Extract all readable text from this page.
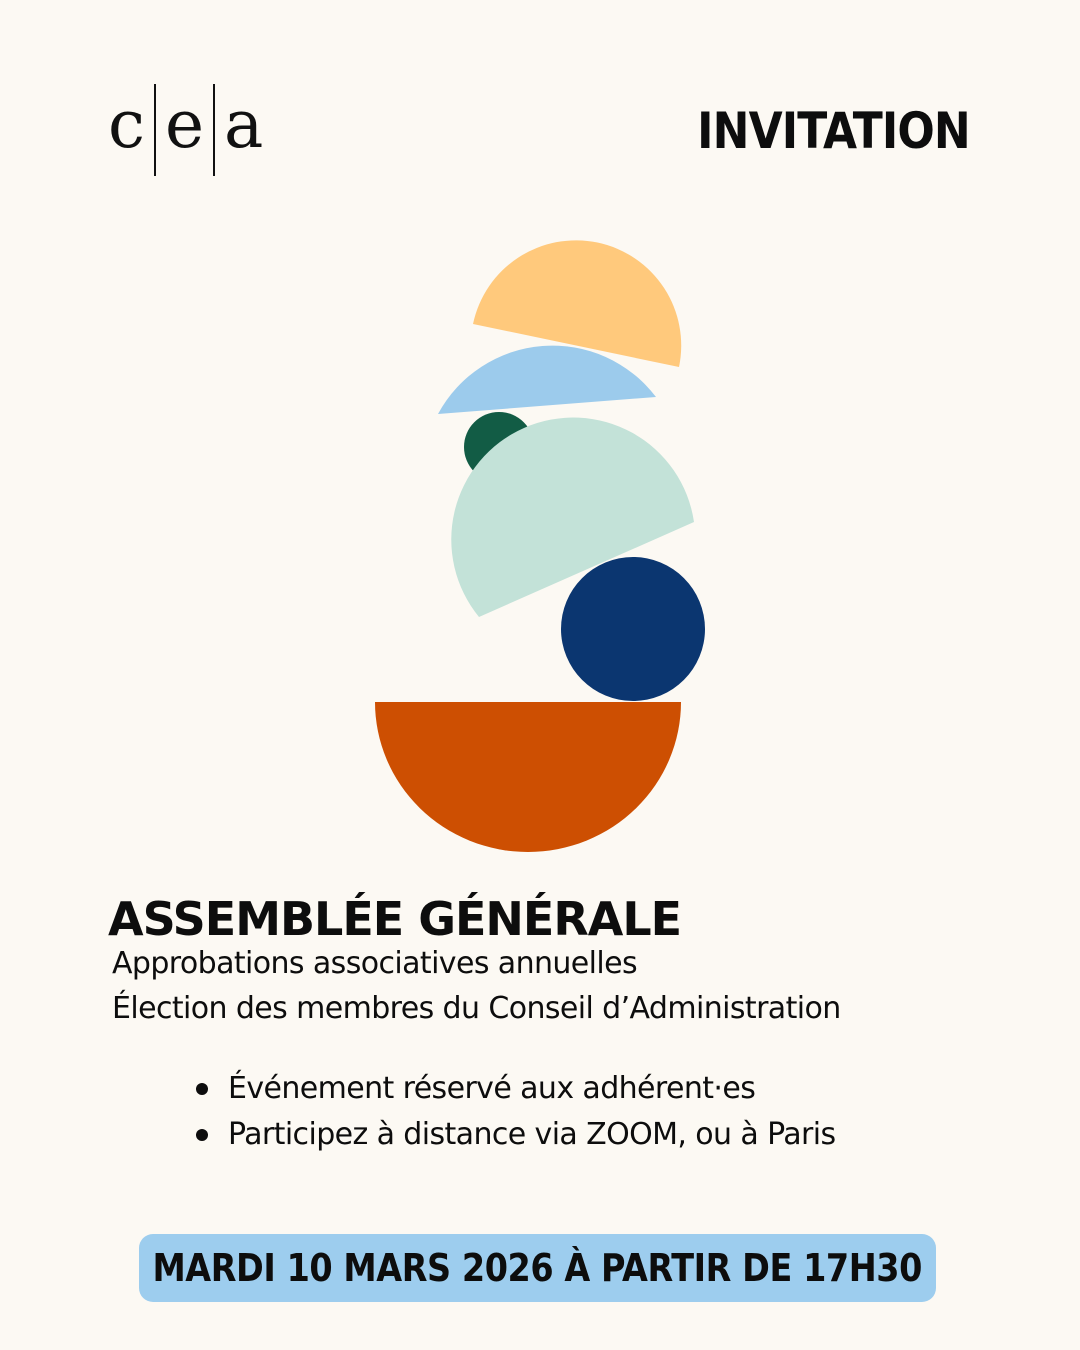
c e a	INVITATION
ASSEMBLÉE GÉNÉRALE
Approbations associatives annuelles
Élection des membres du Conseil d’Administration
Événement réservé aux adhérent·es
Participez à distance via ZOOM, ou à Paris
MARDI 10 MARS 2026 À PARTIR DE 17H30
